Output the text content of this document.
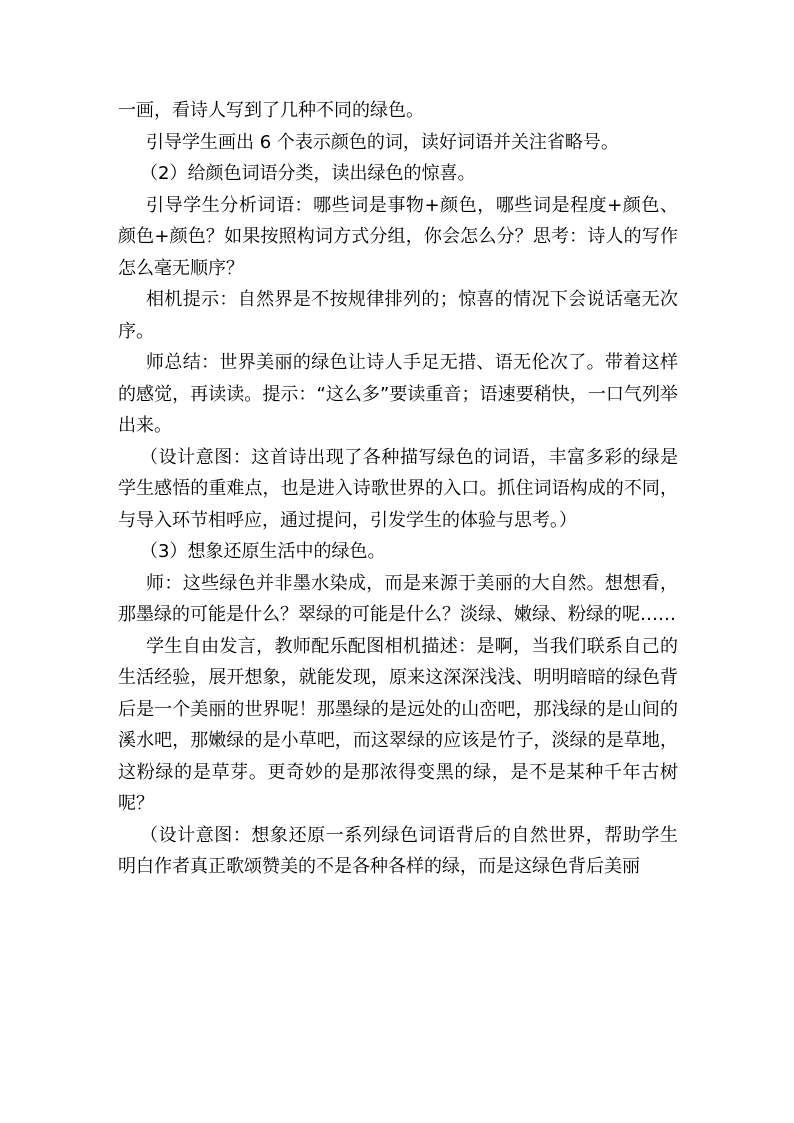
一画，看诗人写到了几种不同的绿色。

引导学生画出 6 个表示颜色的词，读好词语并关注省略号。

（2）给颜色词语分类，读出绿色的惊喜。

引导学生分析词语：哪些词是事物+颜色，哪些词是程度+颜色、颜色+颜色？如果按照构词方式分组，你会怎么分？思考：诗人的写作怎么毫无顺序？

相机提示：自然界是不按规律排列的；惊喜的情况下会说话毫无次序。

师总结：世界美丽的绿色让诗人手足无措、语无伦次了。带着这样的感觉，再读读。提示：“这么多”要读重音；语速要稍快，一口气列举出来。

（设计意图：这首诗出现了各种描写绿色的词语，丰富多彩的绿是学生感悟的重难点，也是进入诗歌世界的入口。抓住词语构成的不同，与导入环节相呼应，通过提问，引发学生的体验与思考。）

（3）想象还原生活中的绿色。

师：这些绿色并非墨水染成，而是来源于美丽的大自然。想想看，那墨绿的可能是什么？翠绿的可能是什么？淡绿、嫩绿、粉绿的呢……

学生自由发言，教师配乐配图相机描述：是啊，当我们联系自己的生活经验，展开想象，就能发现，原来这深深浅浅、明明暗暗的绿色背后是一个美丽的世界呢！那墨绿的是远处的山峦吧，那浅绿的是山间的溪水吧，那嫩绿的是小草吧，而这翠绿的应该是竹子，淡绿的是草地，这粉绿的是草芽。更奇妙的是那浓得变黑的绿，是不是某种千年古树呢？

（设计意图：想象还原一系列绿色词语背后的自然世界，帮助学生明白作者真正歌颂赞美的不是各种各样的绿，而是这绿色背后美丽
